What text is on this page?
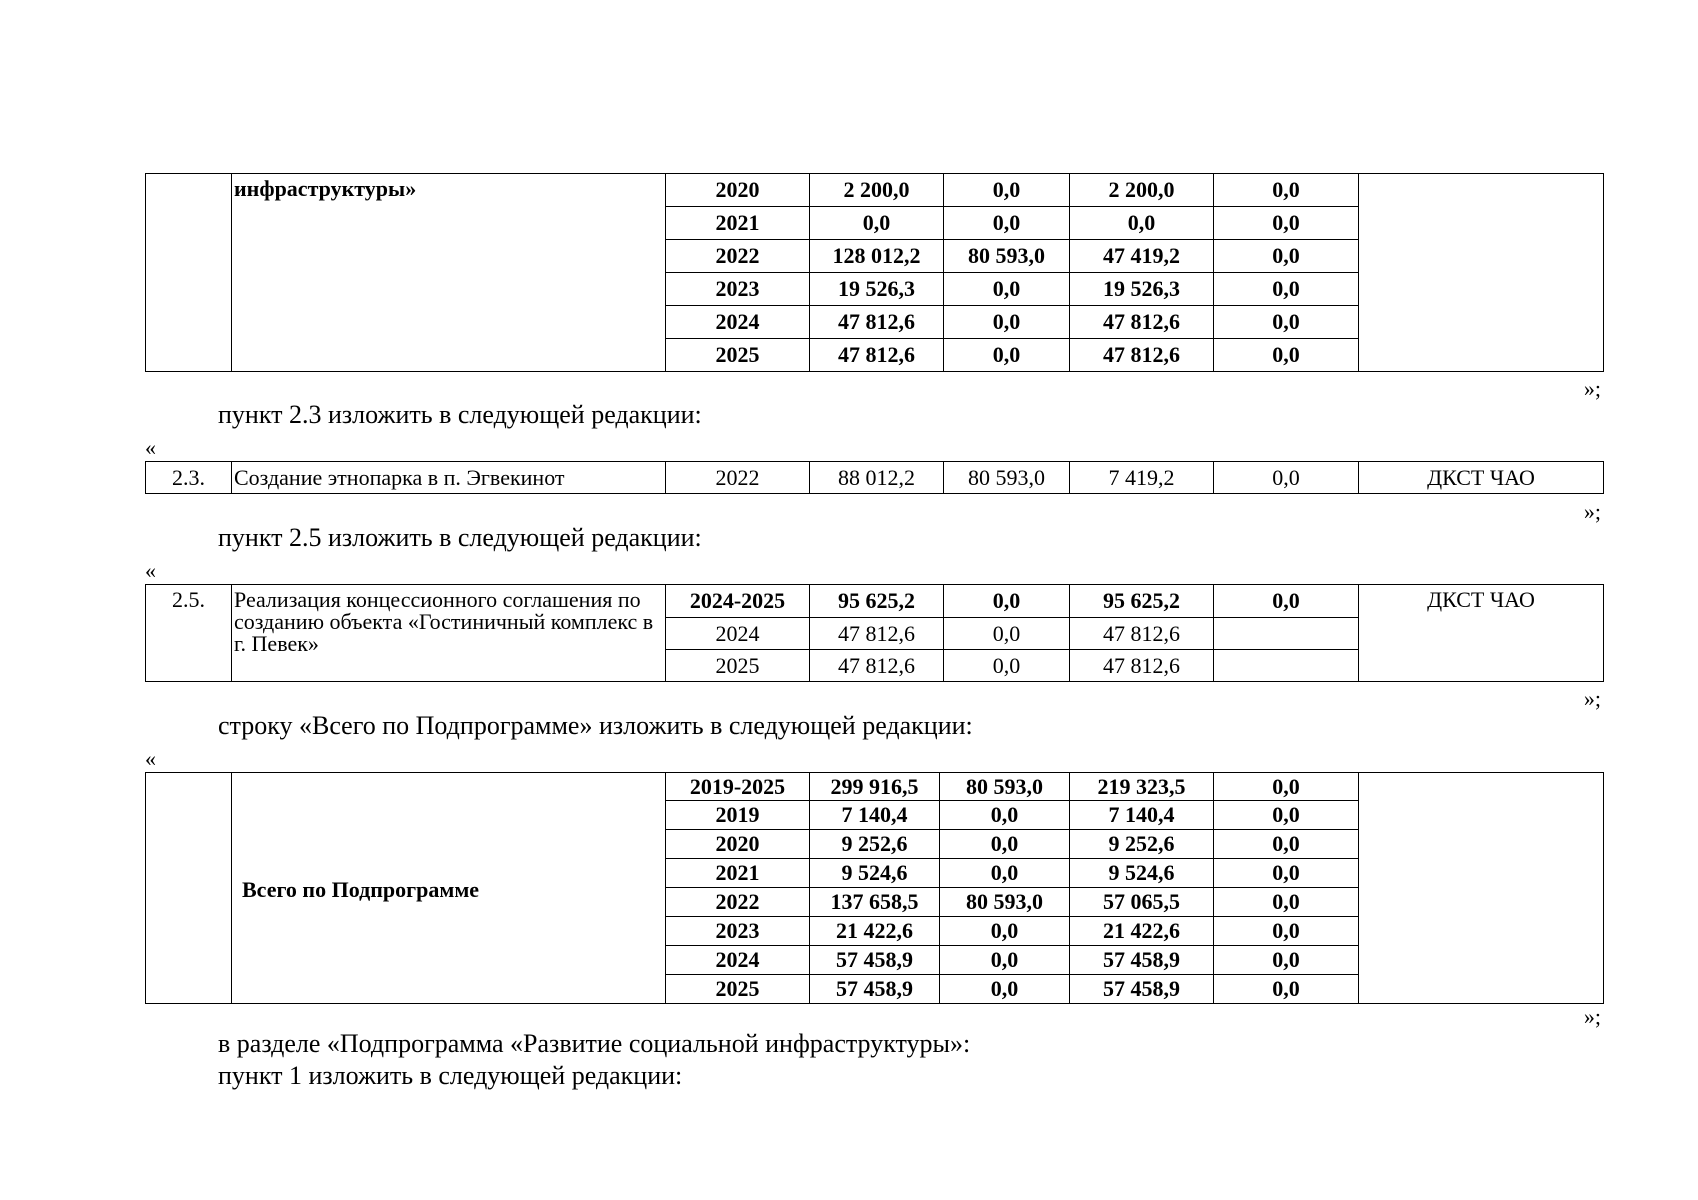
	инфраструктуры»	2020	2 200,0	0,0	2 200,0	0,0	
		2021	0,0	0,0	0,0	0,0	
		2022	128 012,2	80 593,0	47 419,2	0,0	
		2023	19 526,3	0,0	19 526,3	0,0	
		2024	47 812,6	0,0	47 812,6	0,0	
		2025	47 812,6	0,0	47 812,6	0,0	
»;
пункт 2.3 изложить в следующей редакции:
«
2.3.	Создание этнопарка в п. Эгвекинот	2022	88 012,2	80 593,0	7 419,2	0,0	ДКСТ ЧАО
»;
пункт 2.5 изложить в следующей редакции:
«
2.5.	Реализация концессионного соглашения по созданию объекта «Гостиничный комплекс в г. Певек»	2024-2025	95 625,2	0,0	95 625,2	0,0	ДКСТ ЧАО
		2024	47 812,6	0,0	47 812,6		
		2025	47 812,6	0,0	47 812,6		
»;
строку «Всего по Подпрограмме» изложить в следующей редакции:
«
	Всего по Подпрограмме	2019-2025	299 916,5	80 593,0	219 323,5	0,0	
		2019	7 140,4	0,0	7 140,4	0,0	
		2020	9 252,6	0,0	9 252,6	0,0	
		2021	9 524,6	0,0	9 524,6	0,0	
		2022	137 658,5	80 593,0	57 065,5	0,0	
		2023	21 422,6	0,0	21 422,6	0,0	
		2024	57 458,9	0,0	57 458,9	0,0	
		2025	57 458,9	0,0	57 458,9	0,0	
»;
в разделе «Подпрограмма «Развитие социальной инфраструктуры»:
пункт 1 изложить в следующей редакции:
